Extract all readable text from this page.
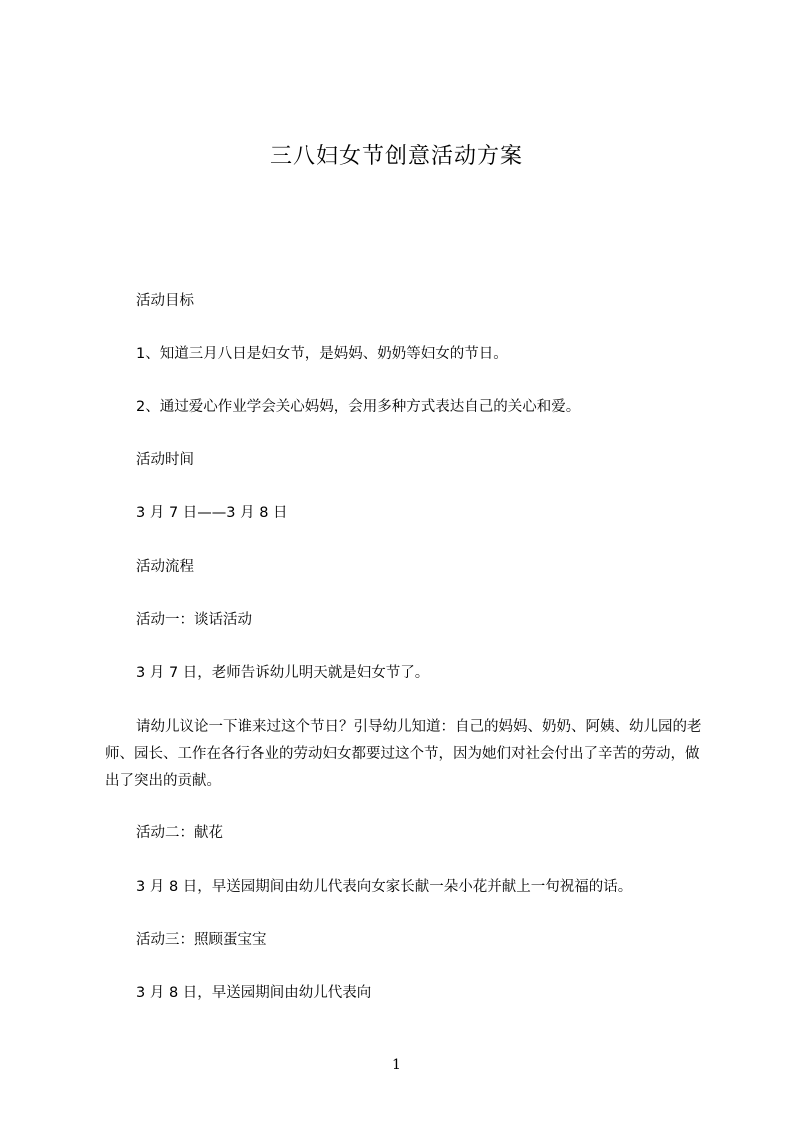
三八妇女节创意活动方案

活动目标

1、知道三月八日是妇女节，是妈妈、奶奶等妇女的节日。

2、通过爱心作业学会关心妈妈，会用多种方式表达自己的关心和爱。

活动时间

3 月 7 日——3 月 8 日

活动流程

活动一：谈话活动

3 月 7 日，老师告诉幼儿明天就是妇女节了。

请幼儿议论一下谁来过这个节日？引导幼儿知道：自己的妈妈、奶奶、阿姨、幼儿园的老师、园长、工作在各行各业的劳动妇女都要过这个节，因为她们对社会付出了辛苦的劳动，做出了突出的贡献。

活动二：献花

3 月 8 日，早送园期间由幼儿代表向女家长献一朵小花并献上一句祝福的话。

活动三：照顾蛋宝宝

3 月 8 日，早送园期间由幼儿代表向

1
